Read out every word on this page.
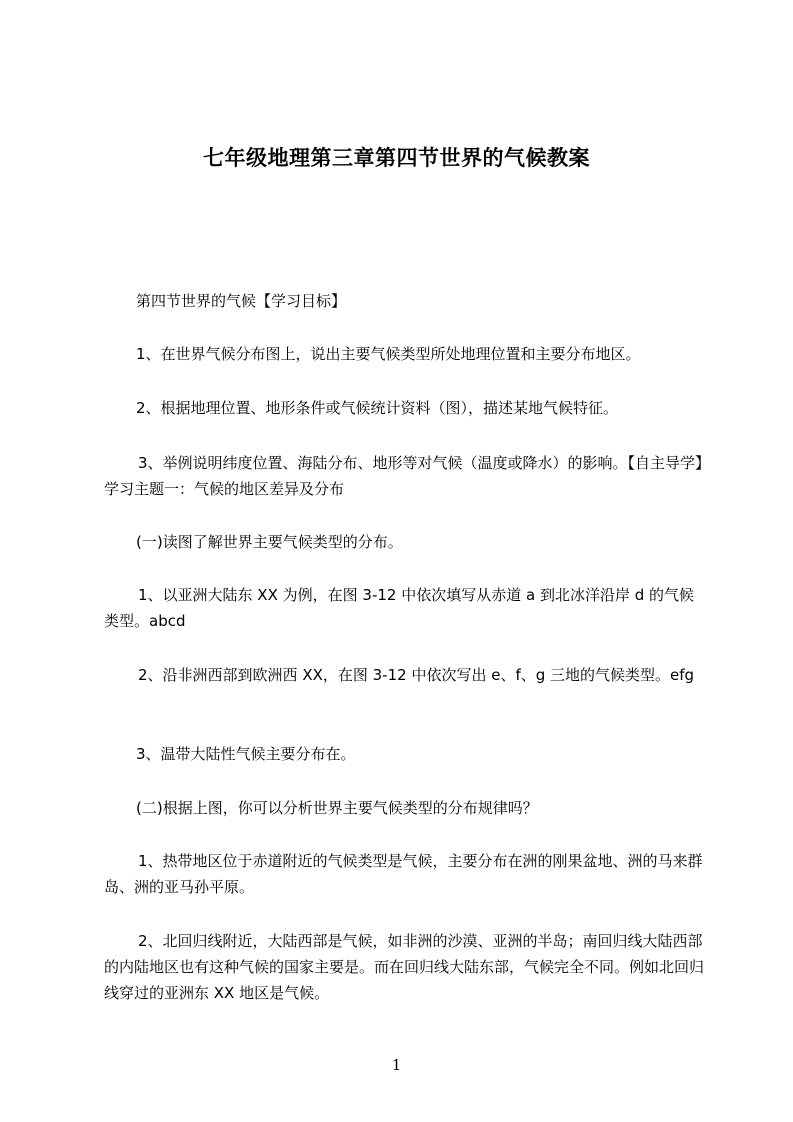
七年级地理第三章第四节世界的气候教案

第四节世界的气候【学习目标】

1、在世界气候分布图上，说出主要气候类型所处地理位置和主要分布地区。

2、根据地理位置、地形条件或气候统计资料（图），描述某地气候特征。

3、举例说明纬度位置、海陆分布、地形等对气候（温度或降水）的影响。【自主导学】学习主题一：气候的地区差异及分布

(一)读图了解世界主要气候类型的分布。

1、以亚洲大陆东 XX 为例，在图 3-12 中依次填写从赤道 a 到北冰洋沿岸 d 的气候类型。abcd

2、沿非洲西部到欧洲西 XX，在图 3-12 中依次写出 e、f、g 三地的气候类型。efg

3、温带大陆性气候主要分布在。

(二)根据上图，你可以分析世界主要气候类型的分布规律吗？

1、热带地区位于赤道附近的气候类型是气候，主要分布在洲的刚果盆地、洲的马来群岛、洲的亚马孙平原。

2、北回归线附近，大陆西部是气候，如非洲的沙漠、亚洲的半岛；南回归线大陆西部的内陆地区也有这种气候的国家主要是。而在回归线大陆东部，气候完全不同。例如北回归线穿过的亚洲东 XX 地区是气候。

1
